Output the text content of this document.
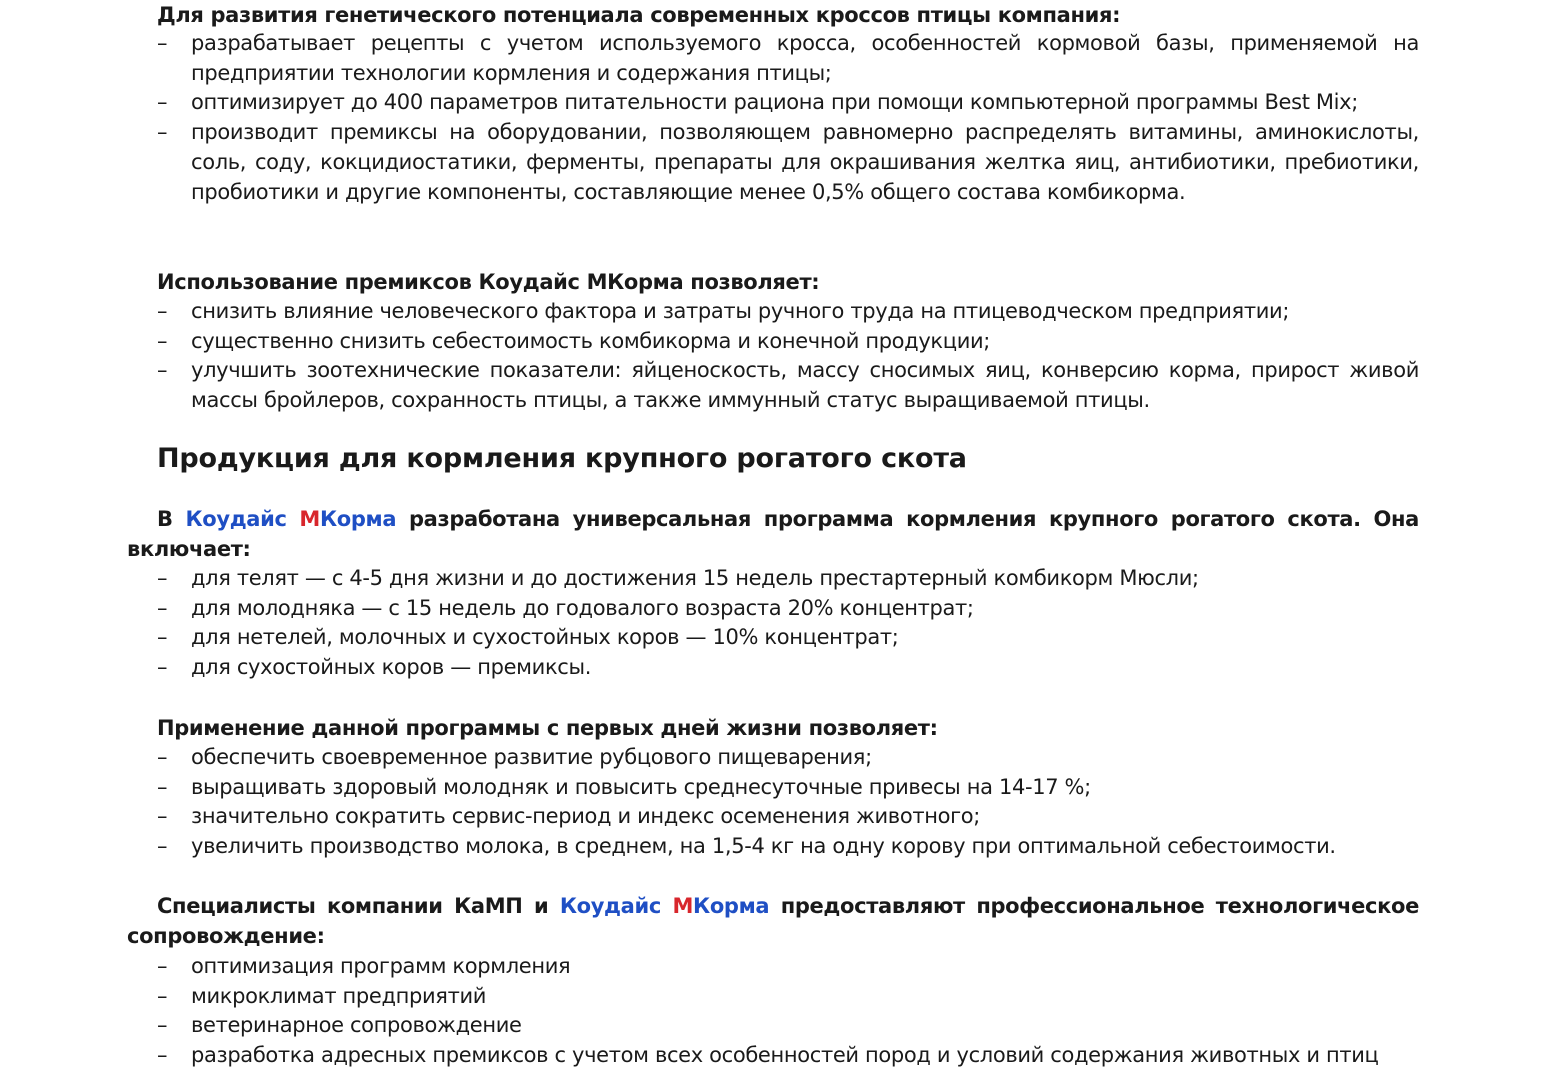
Для развития генетического потенциала современных кроссов птицы компания:
– разрабатывает рецепты с учетом используемого кросса, особенностей кормовой базы, применяемой на предприятии технологии кормления и содержания птицы;
– оптимизирует до 400 параметров питательности рациона при помощи компьютерной программы Best Mix;
– производит премиксы на оборудовании, позволяющем равномерно распределять витамины, аминокислоты, соль, соду, кокцидиостатики, ферменты, препараты для окрашивания желтка яиц, антибиотики, пребиотики, пробиотики и другие компоненты, составляющие менее 0,5% общего состава комбикорма.
Использование премиксов Коудайс МКорма позволяет:
– снизить влияние человеческого фактора и затраты ручного труда на птицеводческом предприятии;
– существенно снизить себестоимость комбикорма и конечной продукции;
– улучшить зоотехнические показатели: яйценоскость, массу сносимых яиц, конверсию корма, прирост живой массы бройлеров, сохранность птицы, а также иммунный статус выращиваемой птицы.
Продукция для кормления крупного рогатого скота
В Коудайс МКорма разработана универсальная программа кормления крупного рогатого скота. Она включает:
– для телят — с 4-5 дня жизни и до достижения 15 недель престартерный комбикорм Мюсли;
– для молодняка — с 15 недель до годовалого возраста 20% концентрат;
– для нетелей, молочных и сухостойных коров — 10% концентрат;
– для сухостойных коров — премиксы.
Применение данной программы с первых дней жизни позволяет:
– обеспечить своевременное развитие рубцового пищеварения;
– выращивать здоровый молодняк и повысить среднесуточные привесы на 14-17 %;
– значительно сократить сервис-период и индекс осеменения животного;
– увеличить производство молока, в среднем, на 1,5-4 кг на одну корову при оптимальной себестоимости.
Специалисты компании КаМП и Коудайс МКорма предоставляют профессиональное технологическое сопровождение:
– оптимизация программ кормления
– микроклимат предприятий
– ветеринарное сопровождение
– разработка адресных премиксов с учетом всех особенностей пород и условий содержания животных и птиц
